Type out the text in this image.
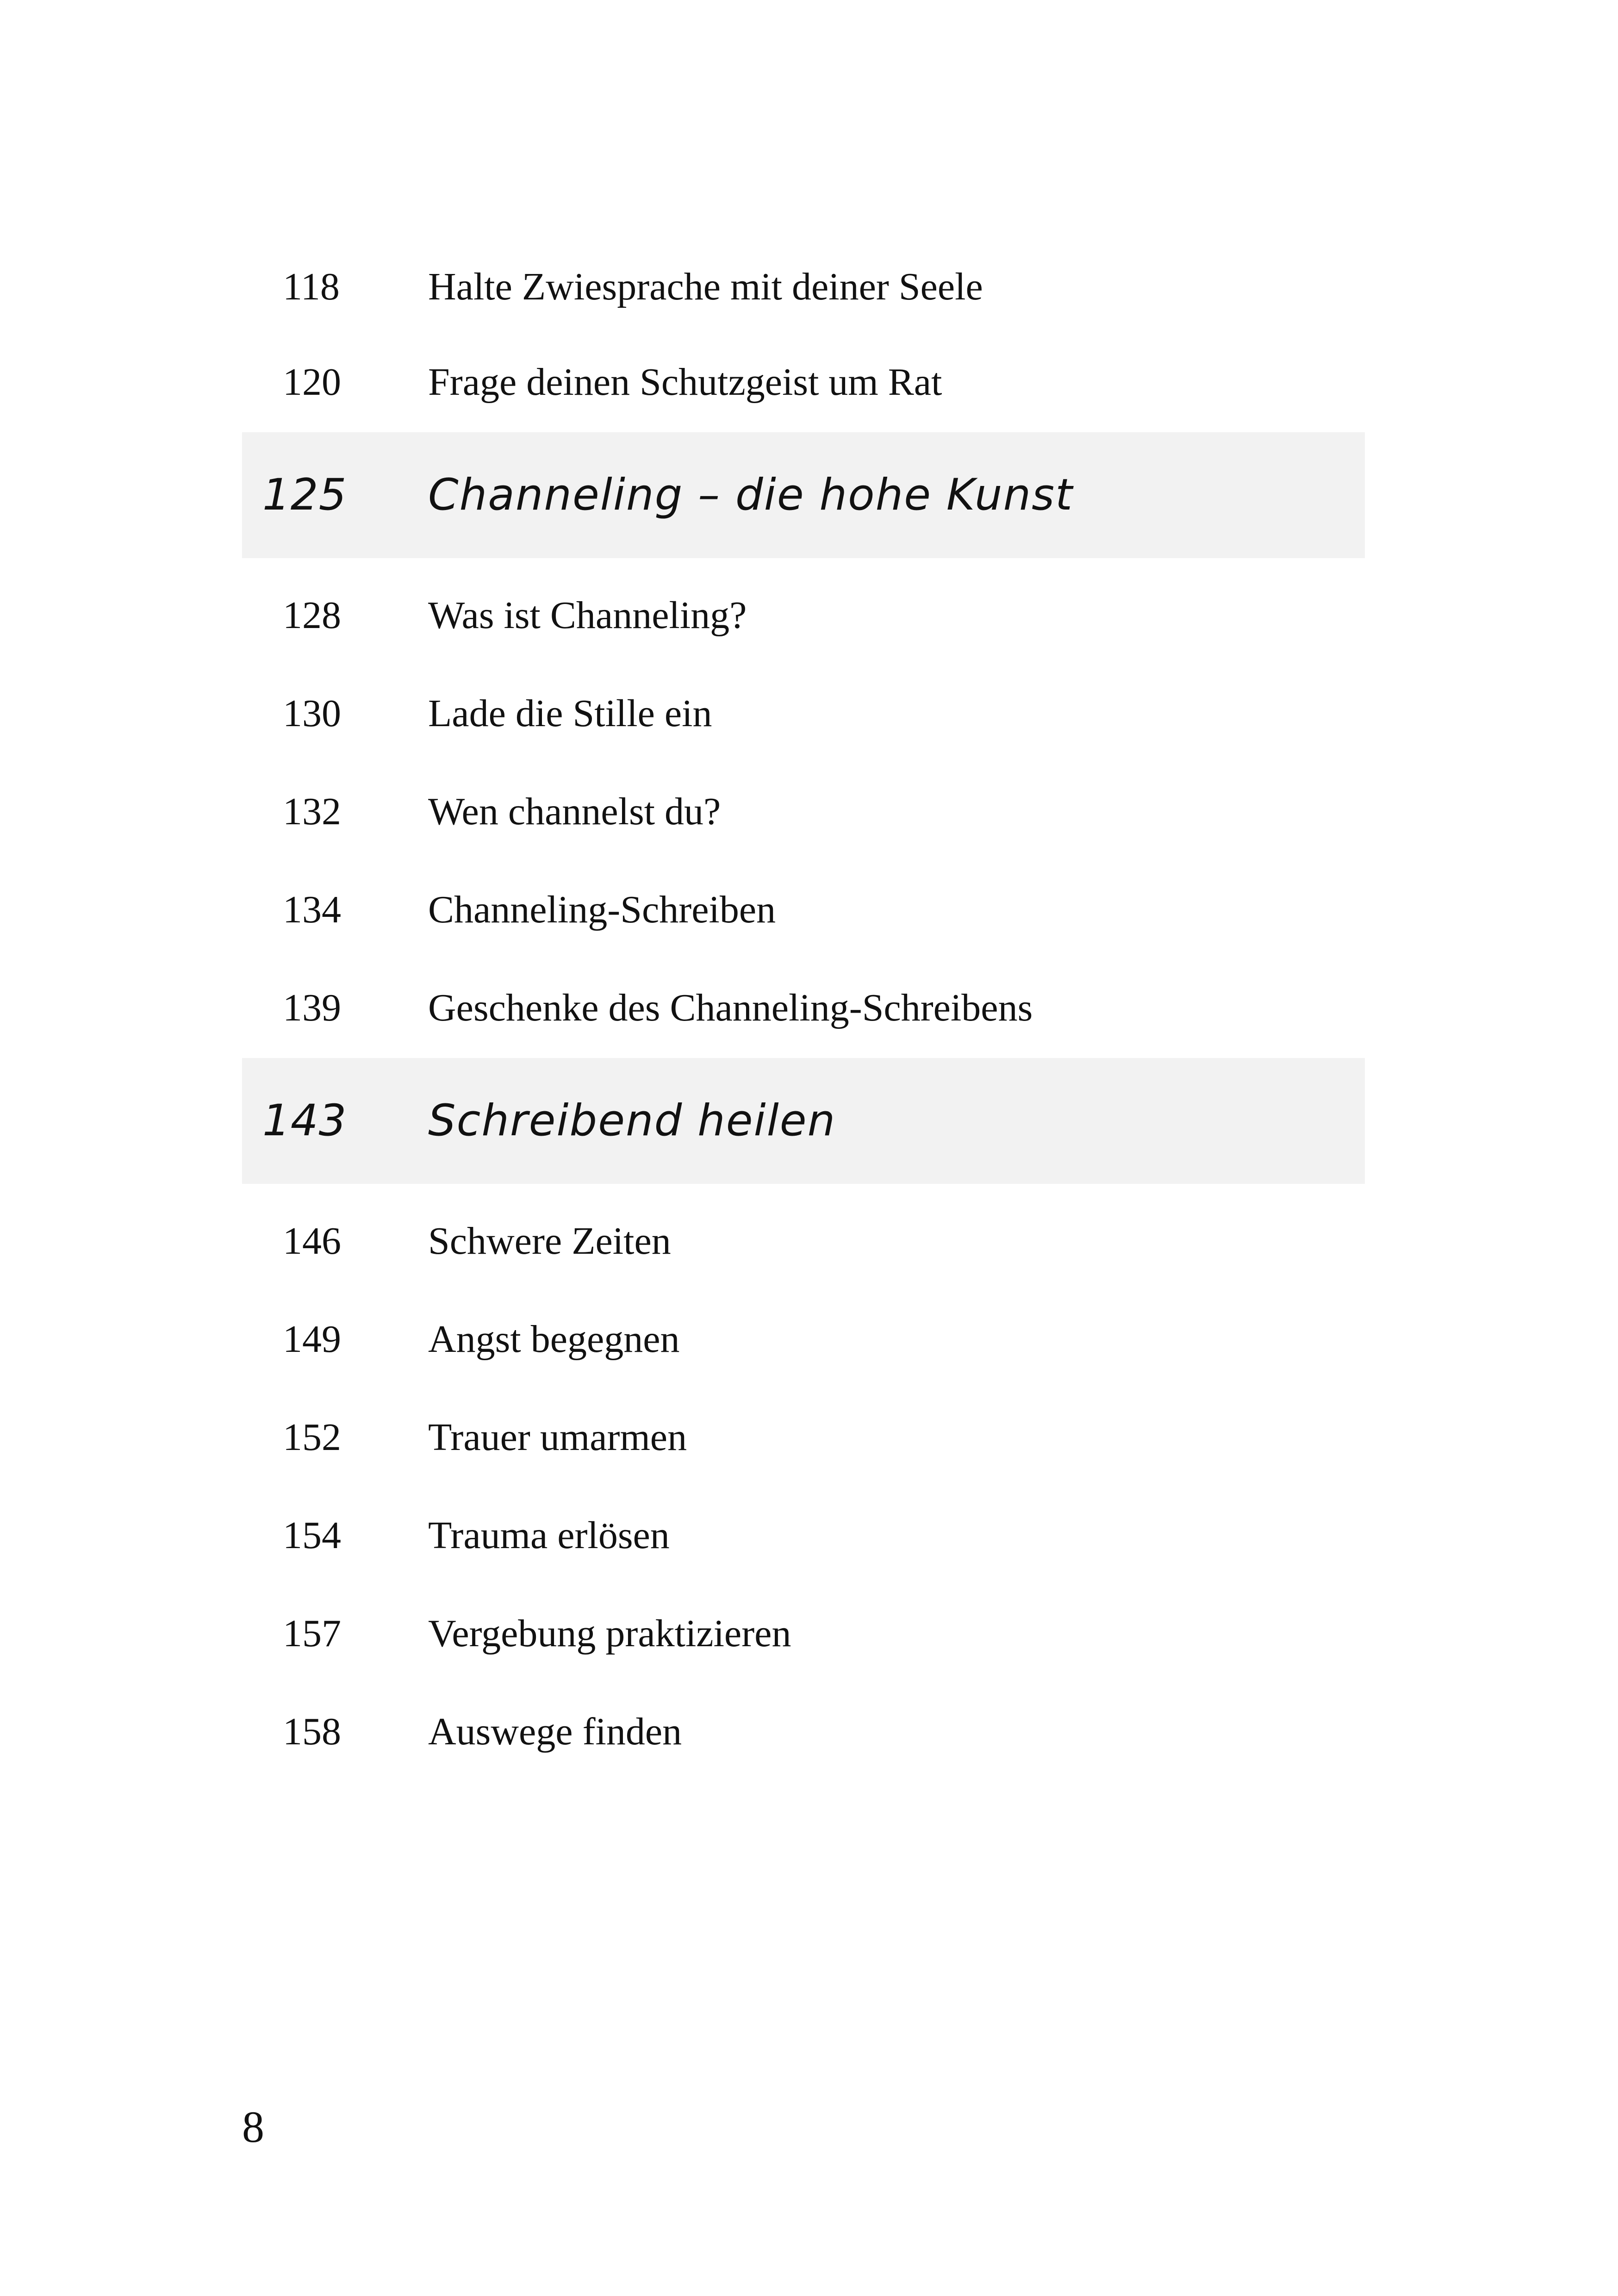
118 Halte Zwiesprache mit deiner Seele
120 Frage deinen Schutzgeist um Rat
125 Channeling – die hohe Kunst
128 Was ist Channeling?
130 Lade die Stille ein
132 Wen channelst du?
134 Channeling-Schreiben
139 Geschenke des Channeling-Schreibens
143 Schreibend heilen
146 Schwere Zeiten
149 Angst begegnen
152 Trauer umarmen
154 Trauma erlösen
157 Vergebung praktizieren
158 Auswege finden
8
